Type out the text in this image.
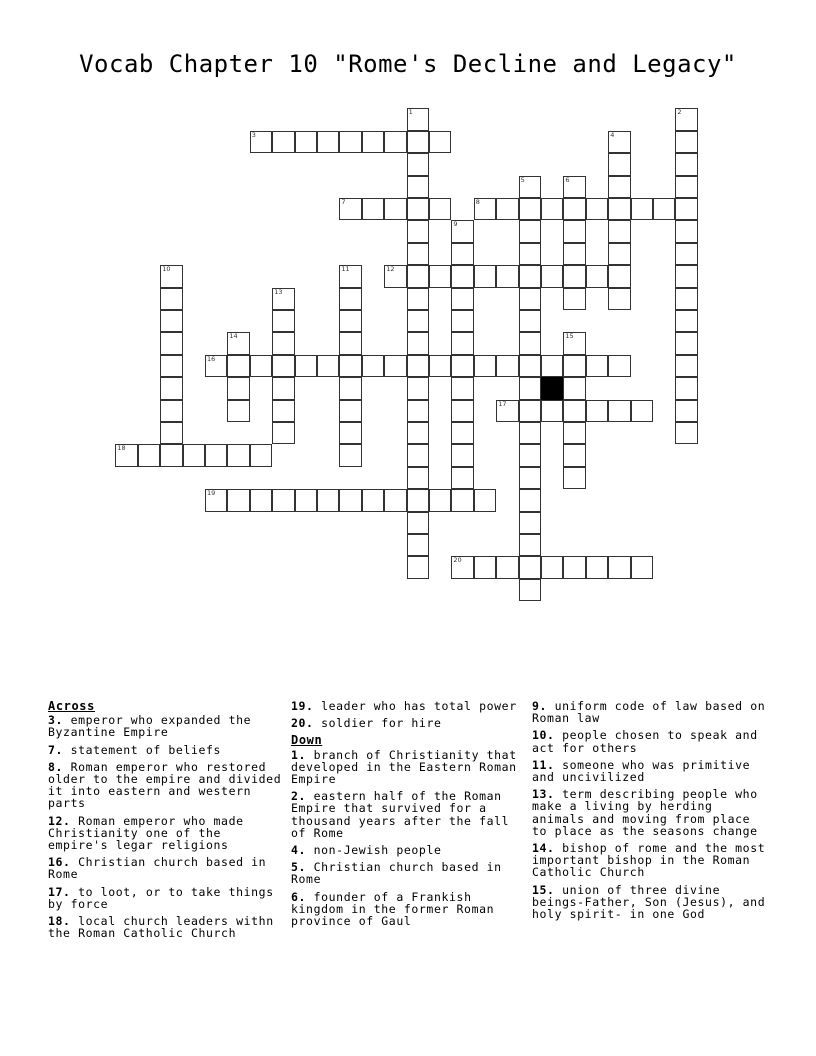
Vocab Chapter 10 "Rome's Decline and Legacy"
1	2
3	4
5	6
7	8
9
10	11	12
13
14	15
16
17
18
19
20
Across
3. emperor who expanded the Byzantine Empire
7. statement of beliefs
8. Roman emperor who restored older to the empire and divided it into eastern and western parts
12. Roman emperor who made Christianity one of the empire's legar religions
16. Christian church based in Rome
17. to loot, or to take things by force
18. local church leaders withn the Roman Catholic Church
19. leader who has total power
20. soldier for hire
Down
1. branch of Christianity that developed in the Eastern Roman Empire
2. eastern half of the Roman Empire that survived for a thousand years after the fall of Rome
4. non-Jewish people
5. Christian church based in Rome
6. founder of a Frankish kingdom in the former Roman province of Gaul
9. uniform code of law based on Roman law
10. people chosen to speak and act for others
11. someone who was primitive and uncivilized
13. term describing people who make a living by herding animals and moving from place to place as the seasons change
14. bishop of rome and the most important bishop in the Roman Catholic Church
15. union of three divine beings-Father, Son (Jesus), and holy spirit- in one God
